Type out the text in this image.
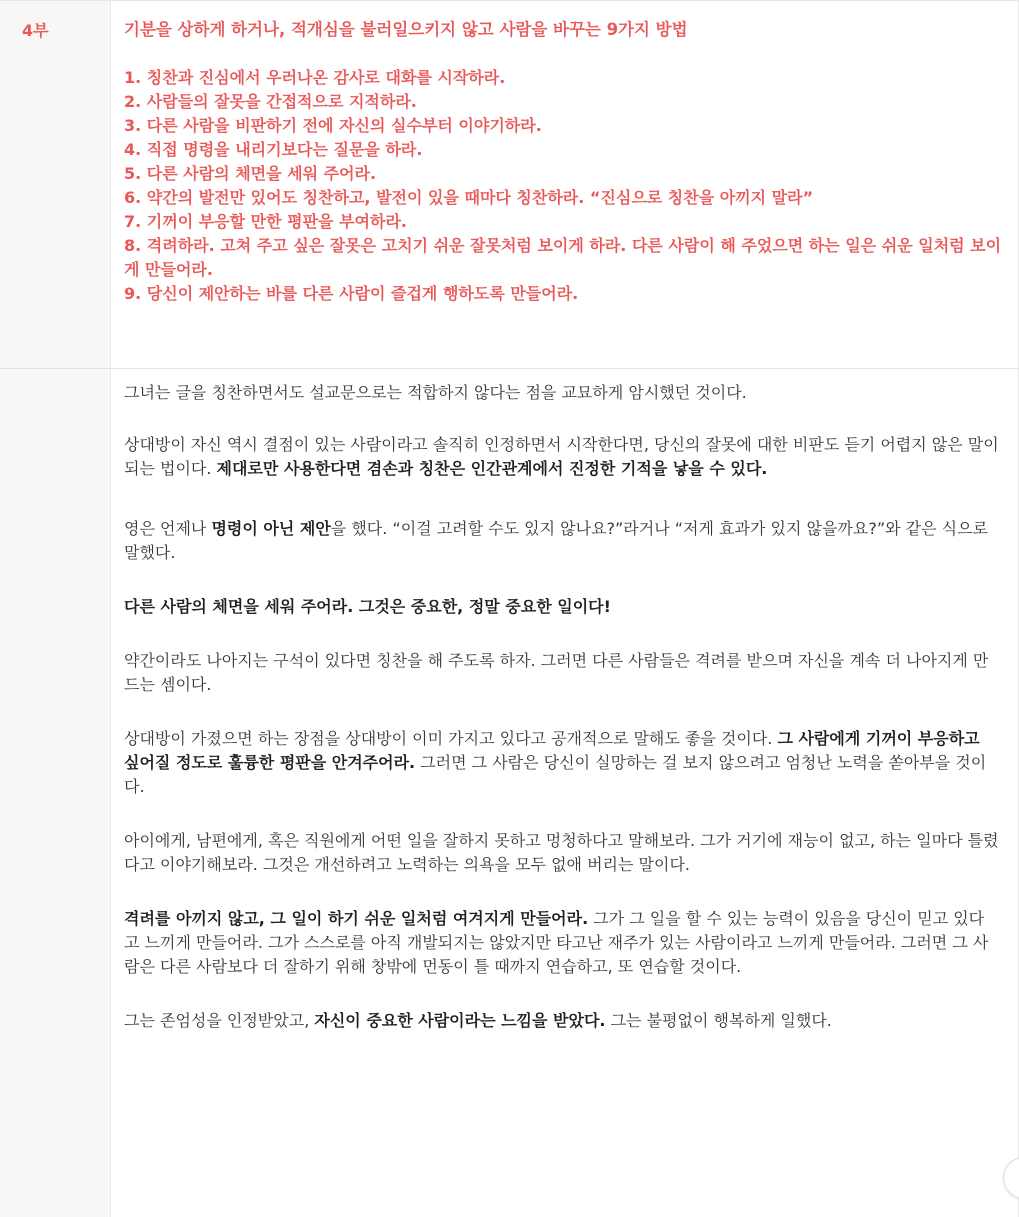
4부	기분을 상하게 하거나, 적개심을 불러일으키지 않고 사람을 바꾸는 9가지 방법
1. 칭찬과 진심에서 우러나온 감사로 대화를 시작하라.
2. 사람들의 잘못을 간접적으로 지적하라.
3. 다른 사람을 비판하기 전에 자신의 실수부터 이야기하라.
4. 직접 명령을 내리기보다는 질문을 하라.
5. 다른 사람의 체면을 세워 주어라.
6. 약간의 발전만 있어도 칭찬하고, 발전이 있을 때마다 칭찬하라. “진심으로 칭찬을 아끼지 말라”
7. 기꺼이 부응할 만한 평판을 부여하라.
8. 격려하라. 고쳐 주고 싶은 잘못은 고치기 쉬운 잘못처럼 보이게 하라. 다른 사람이 해 주었으면 하는 일은 쉬운 일처럼 보이게 만들어라.
9. 당신이 제안하는 바를 다른 사람이 즐겁게 행하도록 만들어라.

그녀는 글을 칭찬하면서도 설교문으로는 적합하지 않다는 점을 교묘하게 암시했던 것이다.

상대방이 자신 역시 결점이 있는 사람이라고 솔직히 인정하면서 시작한다면, 당신의 잘못에 대한 비판도 듣기 어렵지 않은 말이 되는 법이다. 제대로만 사용한다면 겸손과 칭찬은 인간관계에서 진정한 기적을 낳을 수 있다.

영은 언제나 명령이 아닌 제안을 했다. “이걸 고려할 수도 있지 않나요?”라거나 “저게 효과가 있지 않을까요?”와 같은 식으로 말했다.

다른 사람의 체면을 세워 주어라. 그것은 중요한, 정말 중요한 일이다!

약간이라도 나아지는 구석이 있다면 칭찬을 해 주도록 하자. 그러면 다른 사람들은 격려를 받으며 자신을 계속 더 나아지게 만드는 셈이다.

상대방이 가졌으면 하는 장점을 상대방이 이미 가지고 있다고 공개적으로 말해도 좋을 것이다. 그 사람에게 기꺼이 부응하고 싶어질 정도로 훌륭한 평판을 안겨주어라. 그러면 그 사람은 당신이 실망하는 걸 보지 않으려고 엄청난 노력을 쏟아부을 것이다.

아이에게, 남편에게, 혹은 직원에게 어떤 일을 잘하지 못하고 멍청하다고 말해보라. 그가 거기에 재능이 없고, 하는 일마다 틀렸다고 이야기해보라. 그것은 개선하려고 노력하는 의욕을 모두 없애 버리는 말이다.

격려를 아끼지 않고, 그 일이 하기 쉬운 일처럼 여겨지게 만들어라. 그가 그 일을 할 수 있는 능력이 있음을 당신이 믿고 있다고 느끼게 만들어라. 그가 스스로를 아직 개발되지는 않았지만 타고난 재주가 있는 사람이라고 느끼게 만들어라. 그러면 그 사람은 다른 사람보다 더 잘하기 위해 창밖에 먼동이 틀 때까지 연습하고, 또 연습할 것이다.

그는 존엄성을 인정받았고, 자신이 중요한 사람이라는 느낌을 받았다. 그는 불평없이 행복하게 일했다.
